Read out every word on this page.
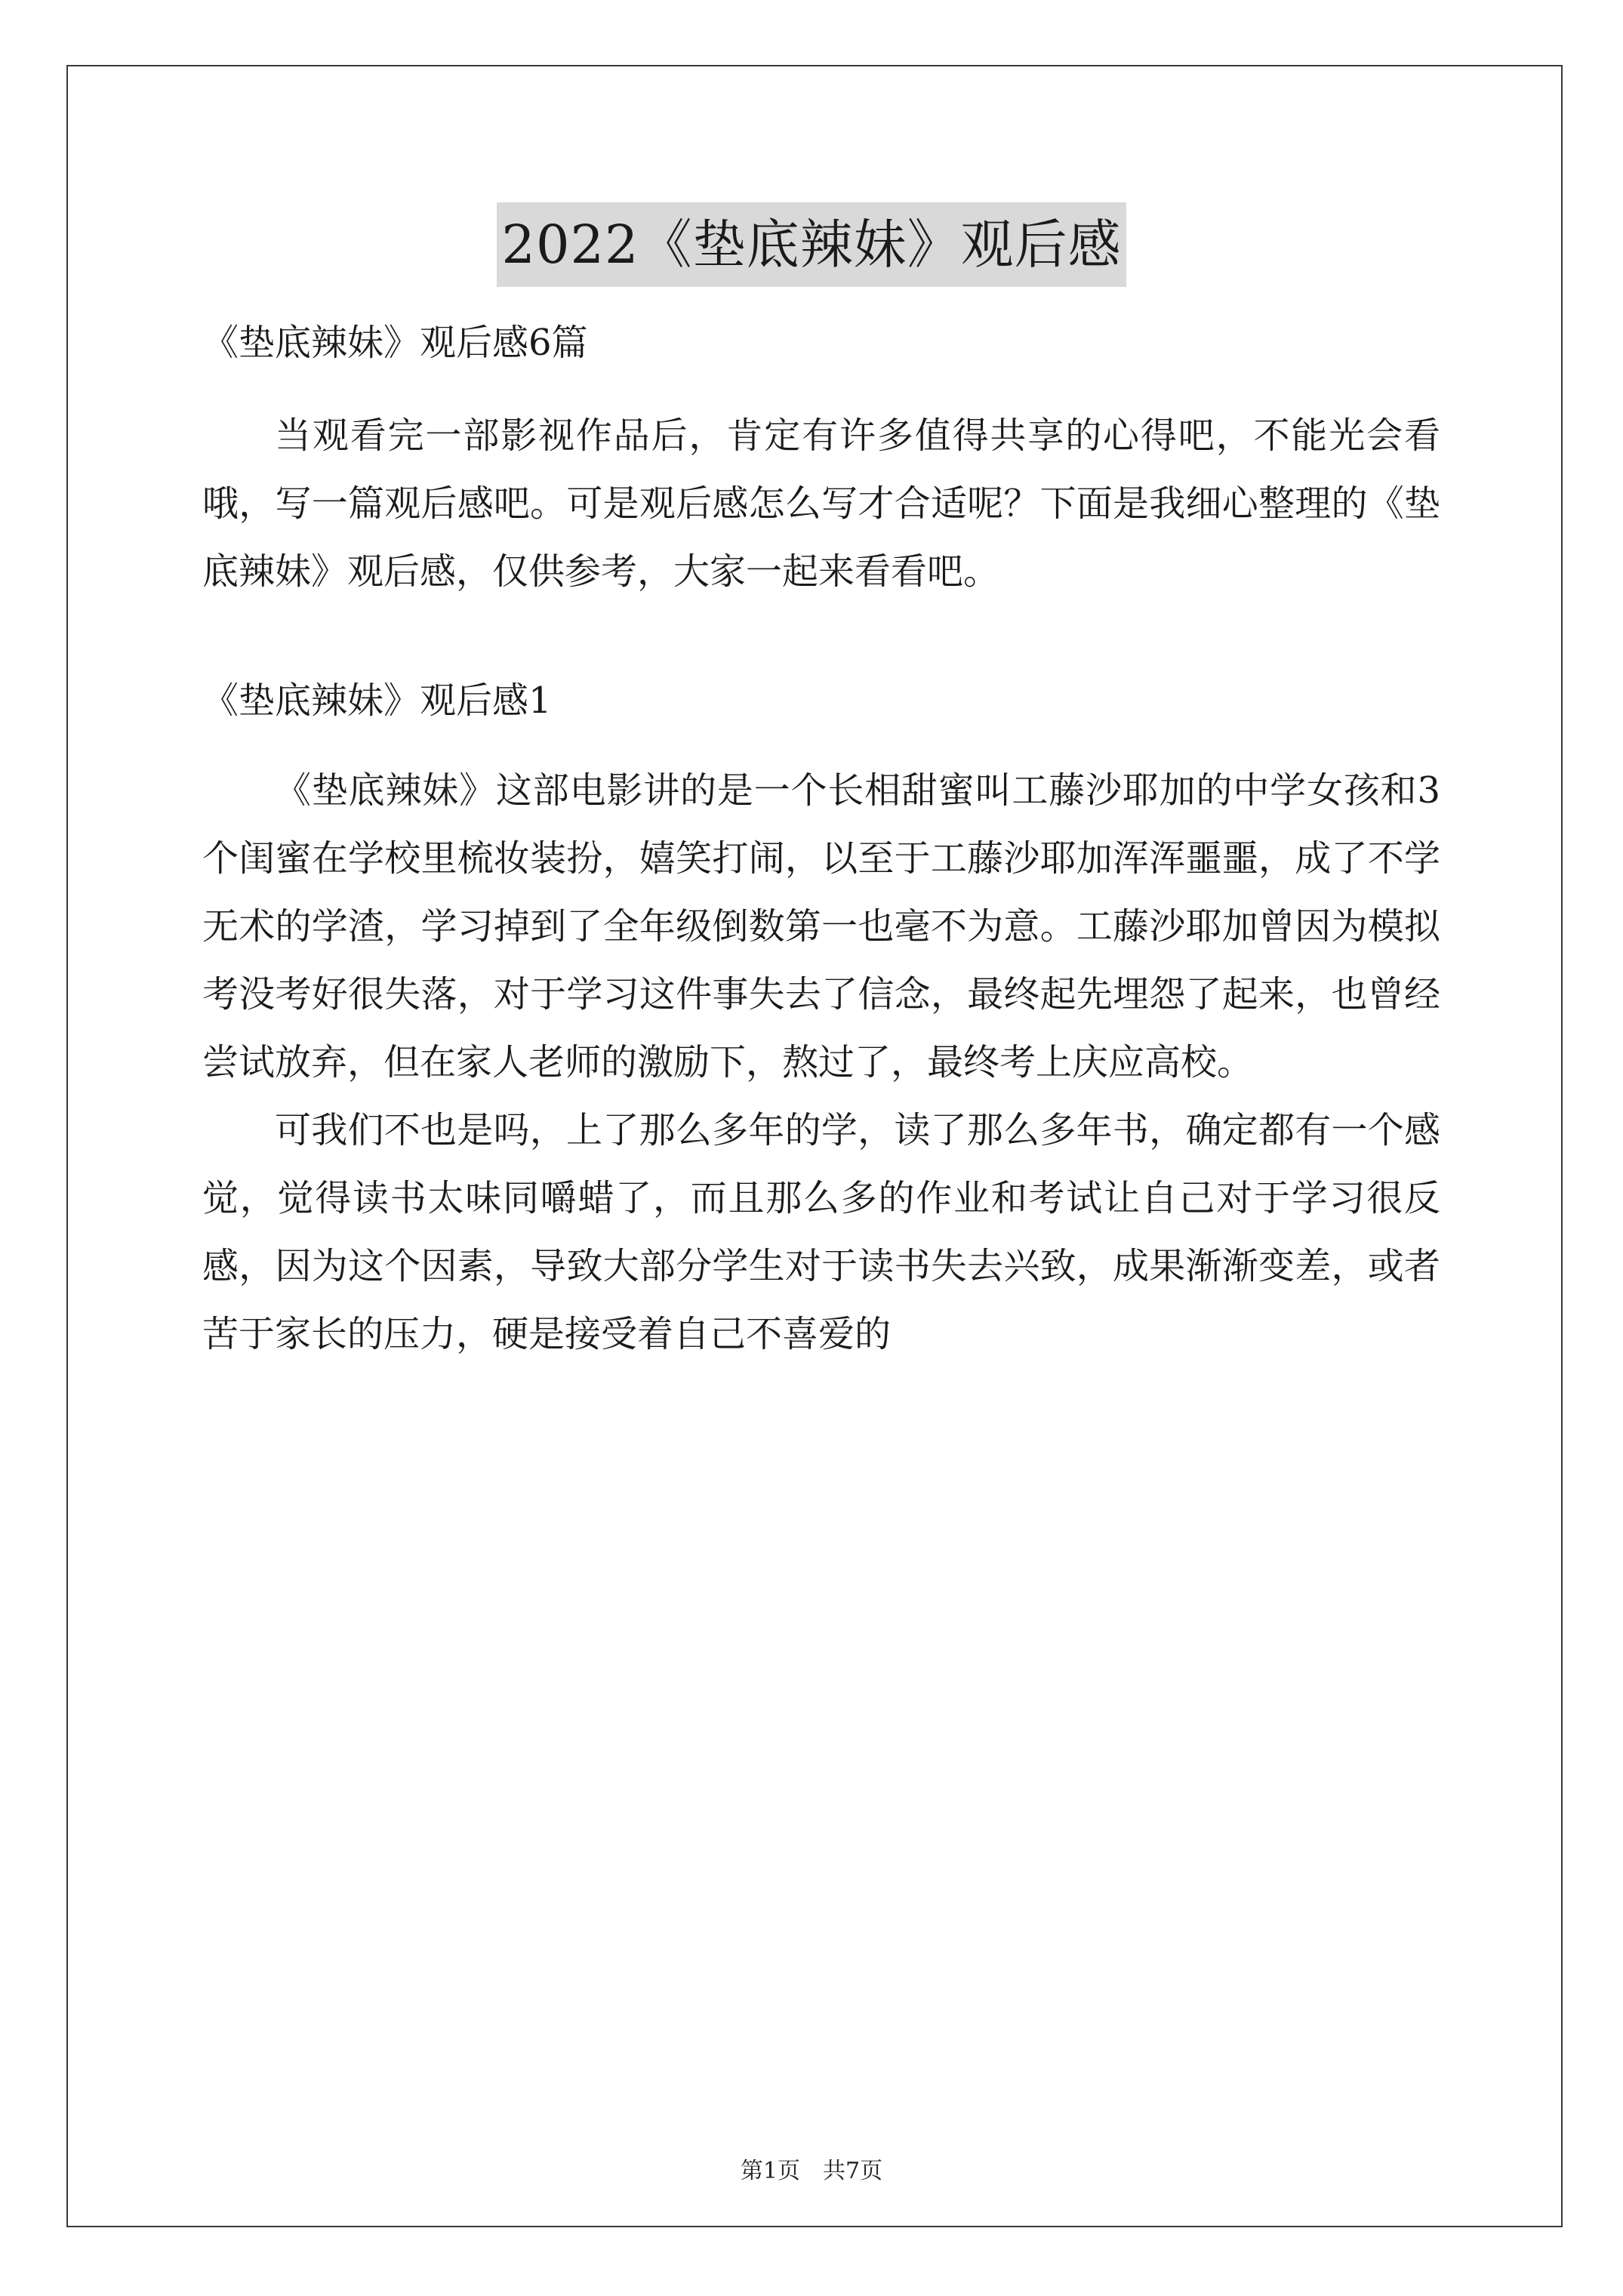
2022《垫底辣妹》观后感

《垫底辣妹》观后感6篇

当观看完一部影视作品后，肯定有许多值得共享的心得吧，不能光会看哦，写一篇观后感吧。可是观后感怎么写才合适呢？下面是我细心整理的《垫底辣妹》观后感，仅供参考，大家一起来看看吧。

《垫底辣妹》观后感1

《垫底辣妹》这部电影讲的是一个长相甜蜜叫工藤沙耶加的中学女孩和3个闺蜜在学校里梳妆装扮，嬉笑打闹，以至于工藤沙耶加浑浑噩噩，成了不学无术的学渣，学习掉到了全年级倒数第一也毫不为意。工藤沙耶加曾因为模拟考没考好很失落，对于学习这件事失去了信念，最终起先埋怨了起来，也曾经尝试放弃，但在家人老师的激励下，熬过了，最终考上庆应高校。

可我们不也是吗，上了那么多年的学，读了那么多年书，确定都有一个感觉，觉得读书太味同嚼蜡了，而且那么多的作业和考试让自己对于学习很反感，因为这个因素，导致大部分学生对于读书失去兴致，成果渐渐变差，或者苦于家长的压力，硬是接受着自己不喜爱的

第1页　共7页
